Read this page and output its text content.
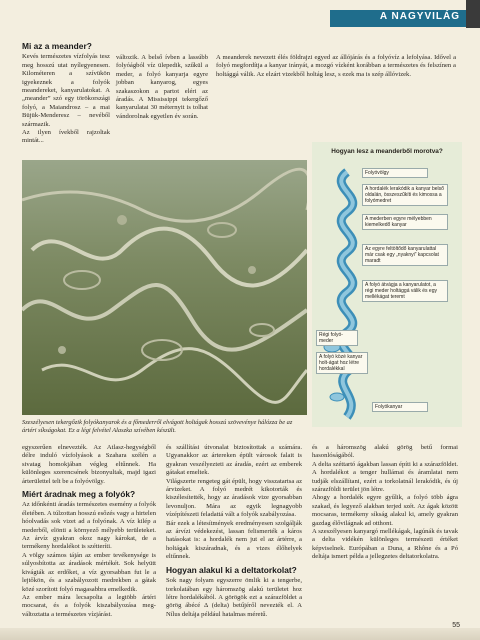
A NAGYVILÁG
Mi az a meander?

Kevés természetes vízfolyás tesz meg hosszú utat nyílegyenesen. Kilométeren a szívükön igyekeznek a folyók meandereket, kanyarulatokat. A „meander” szó egy törökországi folyó, a Maiandrosz – a mai Büjük-Menderesz – nevéből származik.

Az ilyen ívekből rajzoltak mintát...

változik. A belső ívben a lassúbb folyóágból víz ülepedik, szűkül a meder, a folyó kanyarja egyre jobban kanyarog, egyes szakaszokon a partot eléri az áradás. A Mississippi tekergőző kanyarulatai 30 méternyit is tolhat vándorolnak egyetlen év során.

A meanderek nevezett élés földrajzi egyed az állójárás és a folyóvíz a lefolyása. Idővel a folyó megfordítja a kanyar irányát, a mozgó vízként korábban a természetes és felszínen a holtággá válik. Az elzárt vizekből holtág lesz, s ezek ma is szép állóvizek.

Szeszélyesen tekergőzik folyókanyarok és a főmederről elvágott holtágak hosszú szövevénye hálózza be az ártéri síkságokat. Ez a légi felvétel Alaszka szívében készült.
Hogyan lesz a meanderből morotva?
Folyóvölgy
A hordalék lerakódik a kanyar belső oldalán, összeszűkíti és kimossa a folyómedret
A mederben egyre mélyebben kiemelkedő kanyar
Az egyre feltöltődő kanyarulattal már csak egy „nyaknyi” kapcsolat maradt
A folyó átvágja a kanyarulatot, a régi meder holtággá válik és egy mellékágat teremt
Régi folyómeder
A folyó közé kanyar holt-ágat hoz létre hordalékkal
Folyókanyar

egyszerűen elnevezték. Az Atlasz-hegységből délre induló vízfolyások a Szahara szélén a sivatag homokjában végleg eltűnnek. Ha különleges szerencsének bizonyultak, majd igazi árterülettel telt be a folyóvölgy.

Miért áradnak meg a folyók?

Az időnkénti áradás természetes esemény a folyók életében. A túlzottan hosszú esőzés vagy a hirtelen hóolvadás sok vizet ad a folyónak. A víz kilép a mederből, elönti a környező mélyebb területeket. Az árvíz gyakran okoz nagy károkat, de a termékeny hordalékot is szétteríti.

A völgy számos táján az ember tevékenysége is súlyosbította az áradások mértékét. Sok helyütt kivágták az erdőket, a víz gyorsabban fut le a lejtőkön, és a szabályozott medrekben a gátak közé szorított folyó magasabbra emelkedik.

Az ember mára lecsapolta a legtöbb ártéri mocsarat, és a folyók kiszabályozása megváltoztatta a természetes vízjárást.

és szállítási útvonalat biztosítottak a számára. Ugyanakkor az ártereken épült városok falait is gyakran veszélyezteti az áradás, ezért az emberek gátakat emeltek.

Világszerte rengeteg gát épült, hogy visszatartsa az árvizeket. A folyó medrét kikotorták és kiszélesítették, hogy az áradások vize gyorsabban levonuljon. Mára az egyik legnagyobb vízépítészeti feladattá vált a folyók szabályozása.

Bár ezek a létesítmények eredményesen szolgálják az árvízi védekezést, lassan felismerték a káros hatásokat is: a hordalék nem jut el az ártérre, a holtágak kiszáradnak, és a vizes élőhelyek eltűnnek.

Hogyan alakul ki a deltatorkolat?

Sok nagy folyam egyszerre ömlik ki a tengerbe, torkolatában egy háromszög alakú területet hoz létre hordalékából. A görögök ezt a szárazföldet a görög ábécé Δ (delta) betűjéről nevezték el. A Nílus deltája például hatalmas méretű.

és a háromszög alakú görög betű formai hasonlóságából.

A delta széttartó ágakban lassan építi ki a szárazföldet. A hordalékot a tenger hullámai és áramlatai nem tudják elszállítani, ezért a torkolatnál lerakódik, és új szárazföldi terület jön létre.

Ahogy a hordalék egyre gyűlik, a folyó több ágra szakad, és legyező alakban terjed szét. Az ágak között mocsaras, termékeny síkság alakul ki, amely gyakran gazdag élővilágnak ad otthont.

A szeszélyesen kanyargó mellékágak, lagúnák és tavak a delta vidékén különleges természeti értéket képviselnek. Európában a Duna, a Rhône és a Pó deltája ismert példa a jellegzetes deltatorkolatra.

55
